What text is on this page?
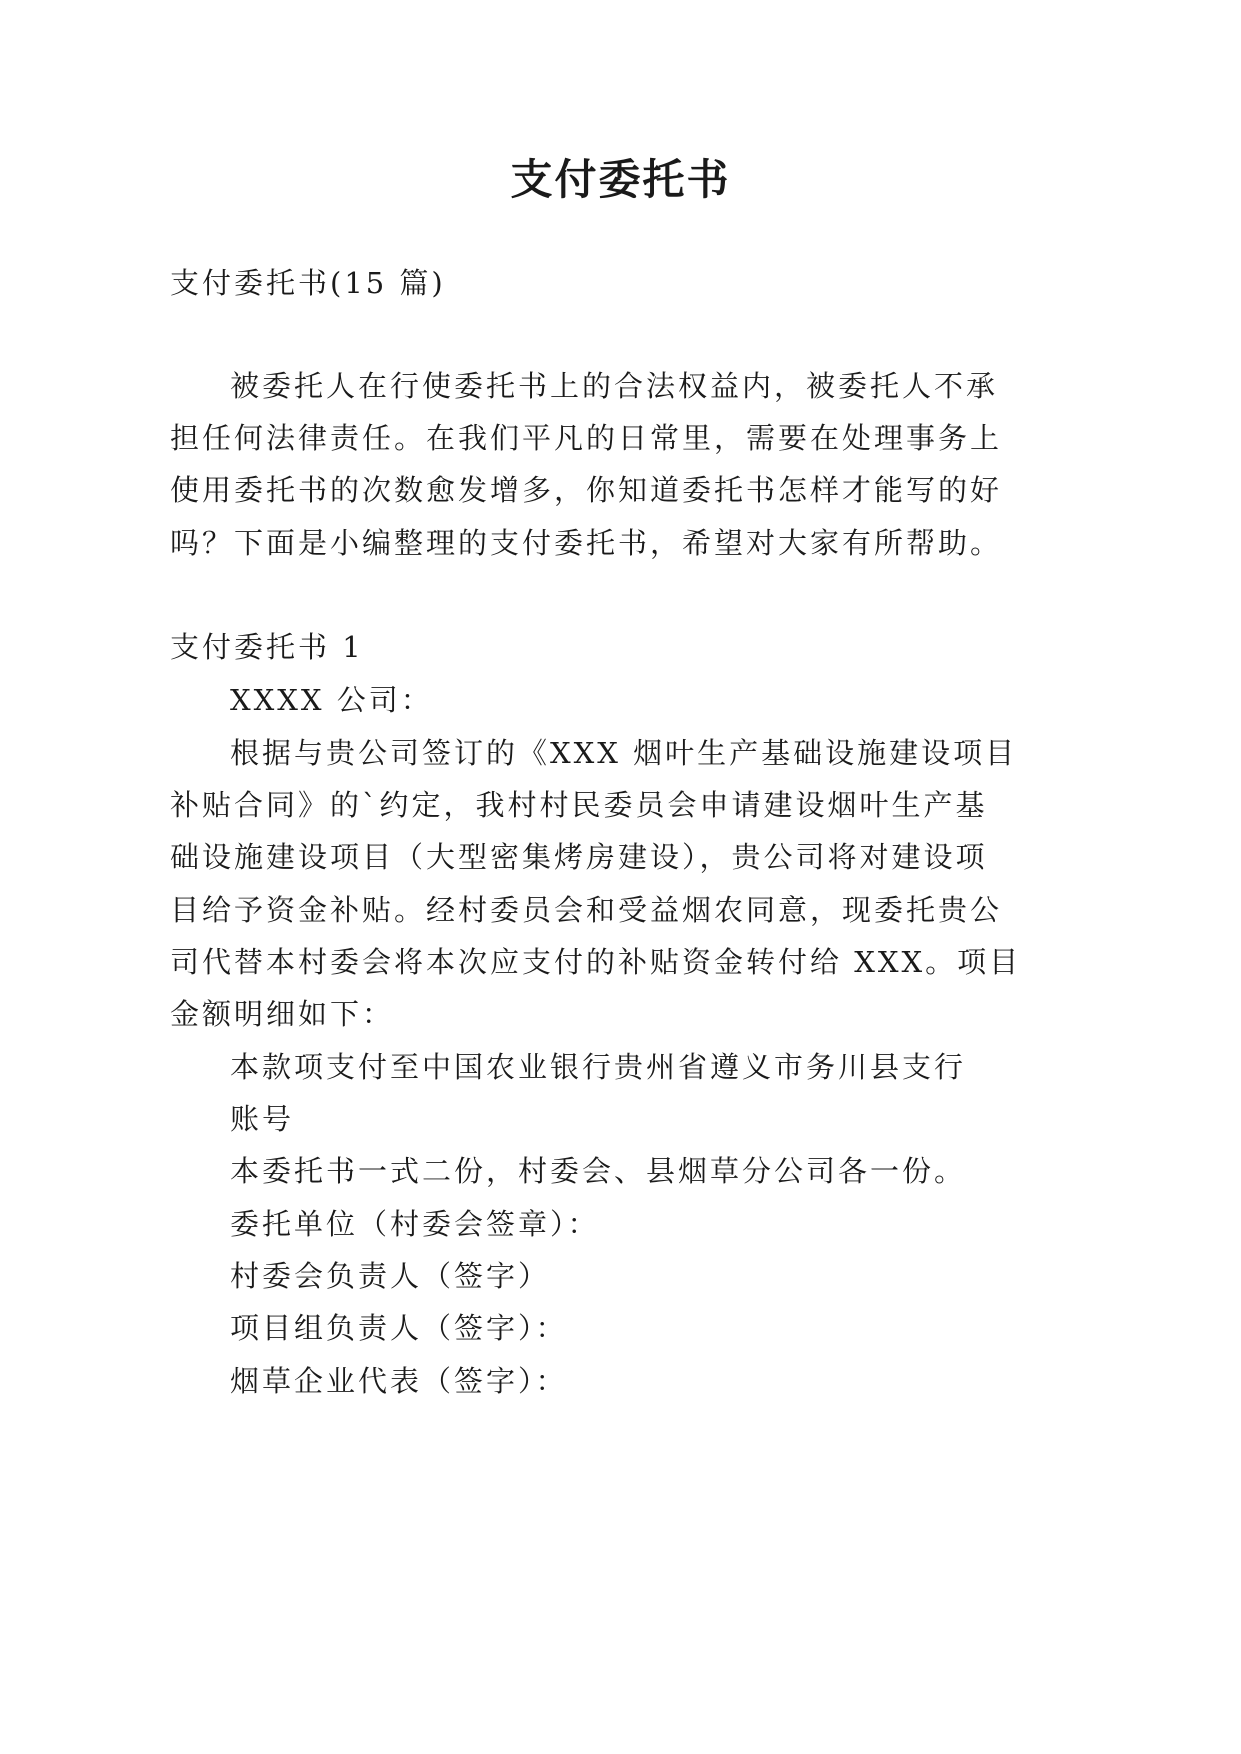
支付委托书
支付委托书(15 篇)
被委托人在行使委托书上的合法权益内，被委托人不承
担任何法律责任。在我们平凡的日常里，需要在处理事务上
使用委托书的次数愈发增多，你知道委托书怎样才能写的好
吗？下面是小编整理的支付委托书，希望对大家有所帮助。
支付委托书 1
XXXX 公司：
根据与贵公司签订的《XXX 烟叶生产基础设施建设项目
补贴合同》的`约定，我村村民委员会申请建设烟叶生产基
础设施建设项目（大型密集烤房建设），贵公司将对建设项
目给予资金补贴。经村委员会和受益烟农同意，现委托贵公
司代替本村委会将本次应支付的补贴资金转付给 XXX。项目
金额明细如下：
本款项支付至中国农业银行贵州省遵义市务川县支行
账号
本委托书一式二份，村委会、县烟草分公司各一份。
委托单位（村委会签章）：
村委会负责人（签字）
项目组负责人（签字）：
烟草企业代表（签字）：
